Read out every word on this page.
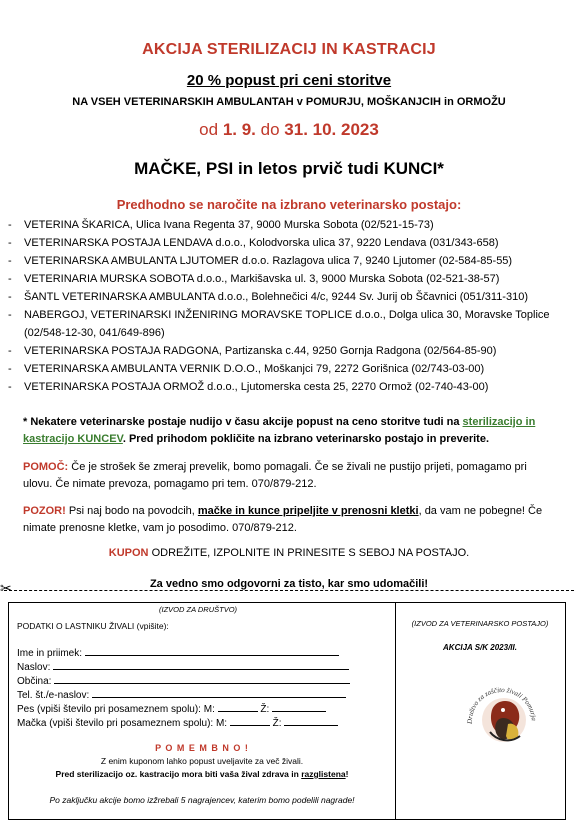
AKCIJA STERILIZACIJ IN KASTRACIJ
20 % popust pri ceni storitve
NA VSEH VETERINARSKIH AMBULANTAH v POMURJU, MOŠKANJCIH in ORMOŽU
od 1. 9. do 31. 10. 2023
MAČKE, PSI in letos prvič tudi KUNCI*
Predhodno se naročite na izbrano veterinarsko postajo:
- VETERINA ŠKARICA, Ulica Ivana Regenta 37, 9000 Murska Sobota (02/521-15-73)
- VETERINARSKA POSTAJA LENDAVA d.o.o., Kolodvorska ulica 37, 9220 Lendava (031/343-658)
- VETERINARSKA AMBULANTA LJUTOMER d.o.o. Razlagova ulica 7, 9240 Ljutomer (02-584-85-55)
- VETERINARIA MURSKA SOBOTA d.o.o., Markišavska ul. 3, 9000 Murska Sobota (02-521-38-57)
- ŠANTL VETERINARSKA AMBULANTA d.o.o., Bolehnečici 4/c, 9244 Sv. Jurij ob Ščavnici (051/311-310)
- NABERGOJ, VETERINARSKI INŽENIRING MORAVSKE TOPLICE d.o.o., Dolga ulica 30, Moravske Toplice (02/548-12-30, 041/649-896)
- VETERINARSKA POSTAJA RADGONA, Partizanska c.44, 9250 Gornja Radgona (02/564-85-90)
- VETERINARSKA AMBULANTA VERNIK D.O.O., Moškanjci 79, 2272 Gorišnica (02/743-03-00)
- VETERINARSKA POSTAJA ORMOŽ d.o.o., Ljutomerska cesta 25, 2270 Ormož (02-740-43-00)
* Nekatere veterinarske postaje nudijo v času akcije popust na ceno storitve tudi na sterilizacijo in kastracijo KUNCEV. Pred prihodom pokličite na izbrano veterinarsko postajo in preverite.
POMOČ: Če je strošek še zmeraj prevelik, bomo pomagali. Če se živali ne pustijo prijeti, pomagamo pri ulovu. Če nimate prevoza, pomagamo pri tem. 070/879-212.
POZOR! Psi naj bodo na povodcih, mačke in kunce pripeljite v prenosni kletki, da vam ne pobegne! Če nimate prenosne kletke, vam jo posodimo. 070/879-212.
KUPON ODREŽITE, IZPOLNITE IN PRINESITE S SEBOJ NA POSTAJO.
Za vedno smo odgovorni za tisto, kar smo udomačili!
✂
(IZVOD ZA DRUŠTVO)
PODATKI O LASTNIKU ŽIVALI (vpišite):
Ime in priimek:
Naslov:
Občina:
Tel. št./e-naslov:
Pes (vpiši število pri posameznem spolu): M:	Ž:
Mačka (vpiši število pri posameznem spolu): M:	Ž:
P O M E M B N O !
Z enim kuponom lahko popust uveljavite za več živali.
Pred sterilizacijo oz. kastracijo mora biti vaša žival zdrava in razglistena!
Po zaključku akcije bomo izžrebali 5 nagrajencev, katerim bomo podelili nagrade!
(IZVOD ZA VETERINARSKO POSTAJO)
AKCIJA S/K 2023/II.
Društvo za zaščito živali Pomurja
